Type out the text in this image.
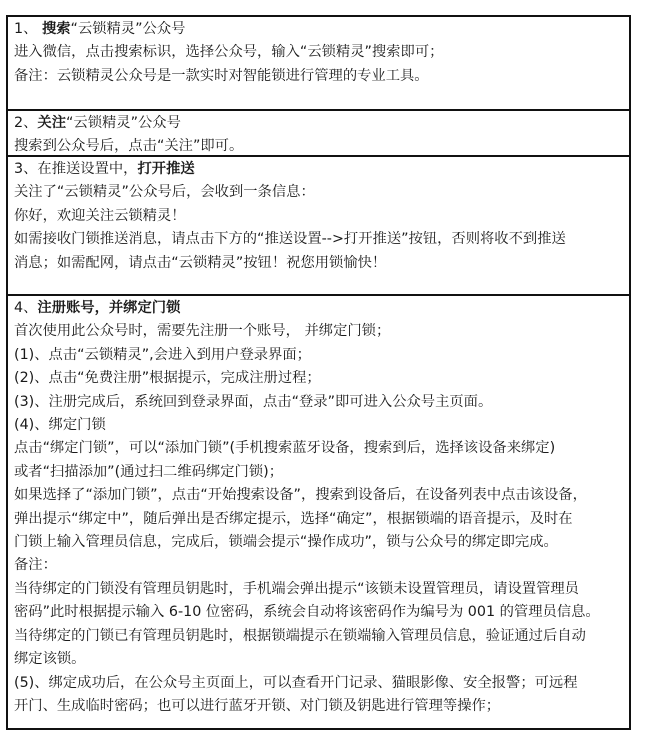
1、 搜索“云锁精灵”公众号
进入微信，点击搜索标识，选择公众号，输入“云锁精灵”搜索即可；
备注：云锁精灵公众号是一款实时对智能锁进行管理的专业工具。
2、关注“云锁精灵”公众号
搜索到公众号后，点击“关注”即可。
3、在推送设置中，打开推送
关注了“云锁精灵”公众号后，会收到一条信息：
你好，欢迎关注云锁精灵！
如需接收门锁推送消息，请点击下方的“推送设置-->打开推送”按钮，否则将收不到推送
消息；如需配网，请点击“云锁精灵”按钮！祝您用锁愉快！
4、注册账号，并绑定门锁
首次使用此公众号时，需要先注册一个账号， 并绑定门锁；
(1)、点击“云锁精灵”,会进入到用户登录界面；
(2)、点击“免费注册”根据提示，完成注册过程；
(3)、注册完成后，系统回到登录界面，点击“登录”即可进入公众号主页面。
(4)、绑定门锁
点击“绑定门锁”，可以“添加门锁”(手机搜索蓝牙设备，搜索到后，选择该设备来绑定)
或者“扫描添加”(通过扫二维码绑定门锁)；
如果选择了“添加门锁”，点击“开始搜索设备”，搜索到设备后，在设备列表中点击该设备，
弹出提示“绑定中”，随后弹出是否绑定提示，选择“确定”，根据锁端的语音提示，及时在
门锁上输入管理员信息，完成后，锁端会提示“操作成功”，锁与公众号的绑定即完成。
备注：
当待绑定的门锁没有管理员钥匙时，手机端会弹出提示“该锁未设置管理员，请设置管理员
密码”此时根据提示输入 6-10 位密码，系统会自动将该密码作为编号为 001 的管理员信息。
当待绑定的门锁已有管理员钥匙时，根据锁端提示在锁端输入管理员信息，验证通过后自动
绑定该锁。
(5)、绑定成功后，在公众号主页面上，可以查看开门记录、猫眼影像、安全报警；可远程
开门、生成临时密码；也可以进行蓝牙开锁、对门锁及钥匙进行管理等操作；
